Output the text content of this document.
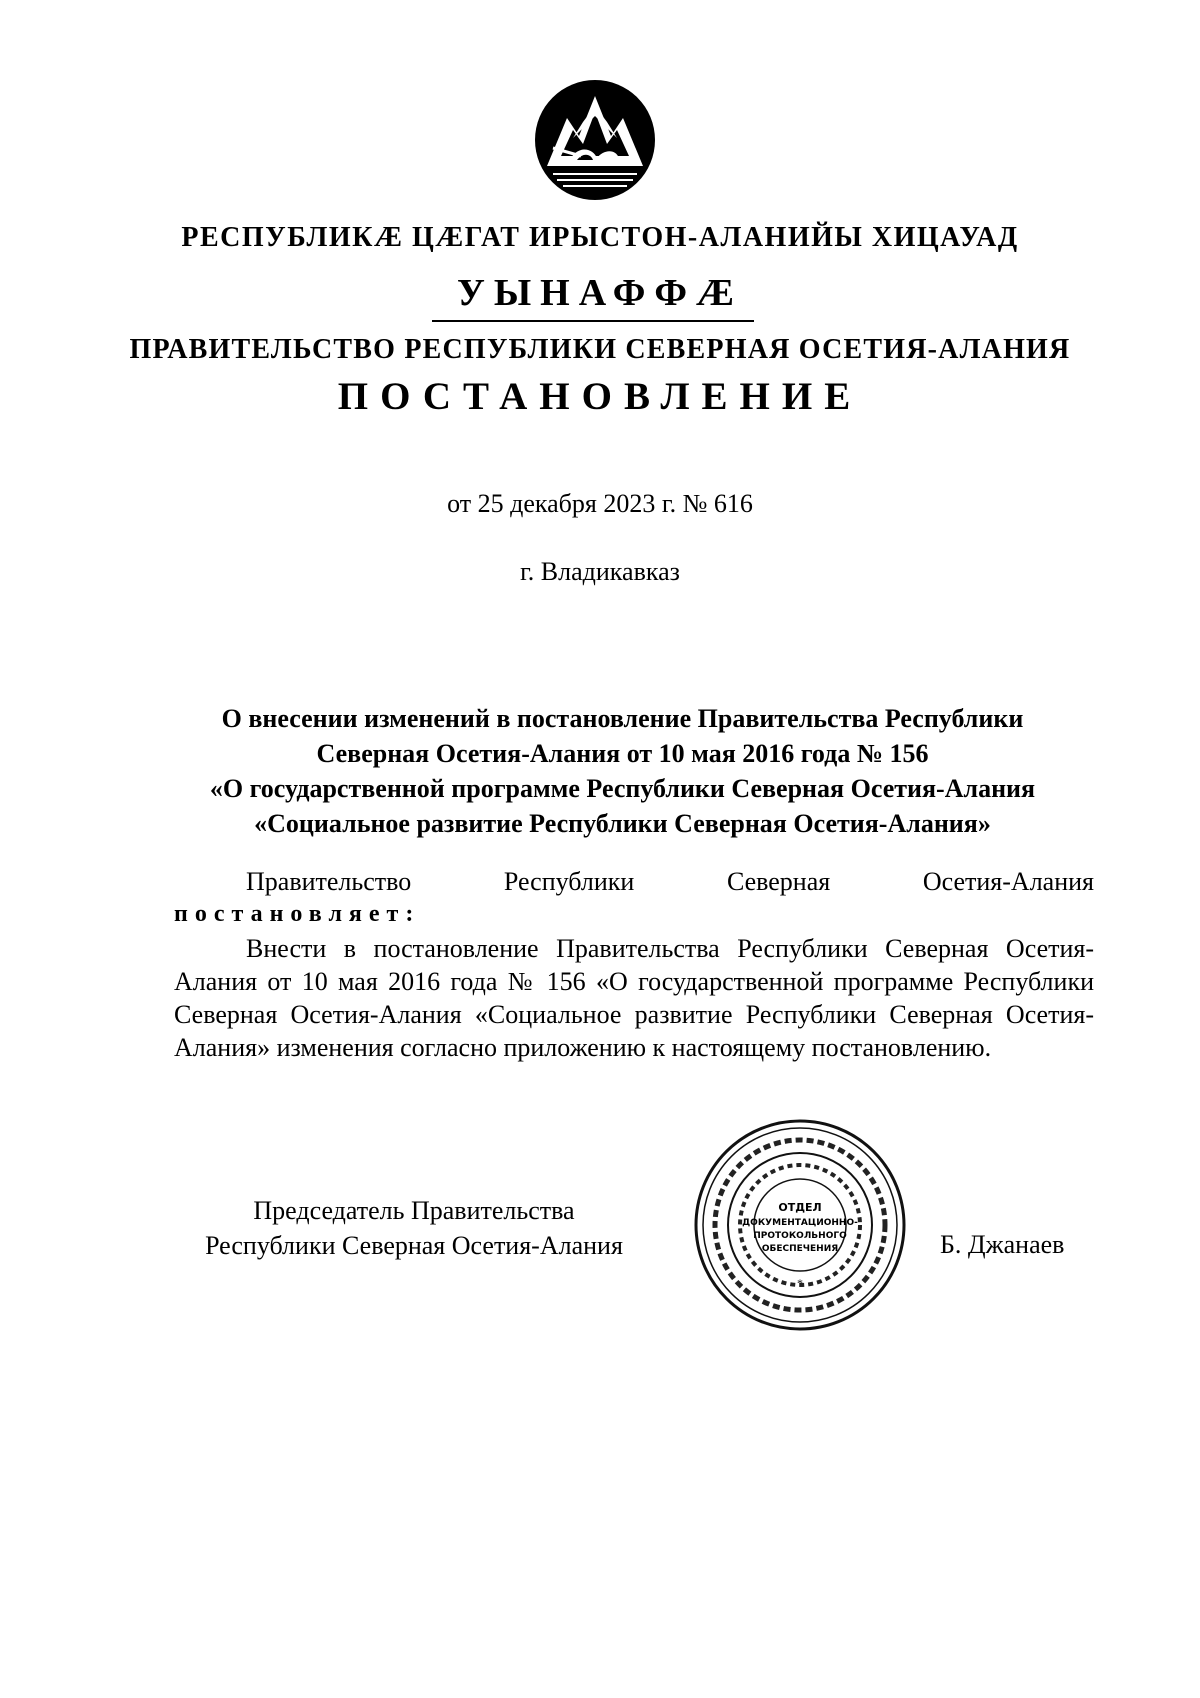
РЕСПУБЛИКӔ ЦӔГАТ ИРЫСТОН-АЛАНИЙЫ ХИЦАУАД
УЫНАФФӔ
ПРАВИТЕЛЬСТВО РЕСПУБЛИКИ СЕВЕРНАЯ ОСЕТИЯ-АЛАНИЯ
ПОСТАНОВЛЕНИЕ
от 25 декабря 2023 г. № 616
г. Владикавказ
О внесении изменений в постановление Правительства Республики
Северная Осетия-Алания от 10 мая 2016 года № 156
«О государственной программе Республики Северная Осетия-Алания
«Социальное развитие Республики Северная Осетия-Алания»
Правительство	Республики	Северная	Осетия-Алания
постановляет:
Внести в постановление Правительства Республики Северная Осетия-Алания от 10 мая 2016 года № 156 «О государственной программе Республики Северная Осетия-Алания «Социальное развитие Республики Северная Осетия-Алания» изменения согласно приложению к настоящему постановлению.
Председатель Правительства
Республики Северная Осетия-Алания
ОТДЕЛ
ДОКУМЕНТАЦИОННО-
ПРОТОКОЛЬНОГО
ОБЕСПЕЧЕНИЯ
*
Б. Джанаев
